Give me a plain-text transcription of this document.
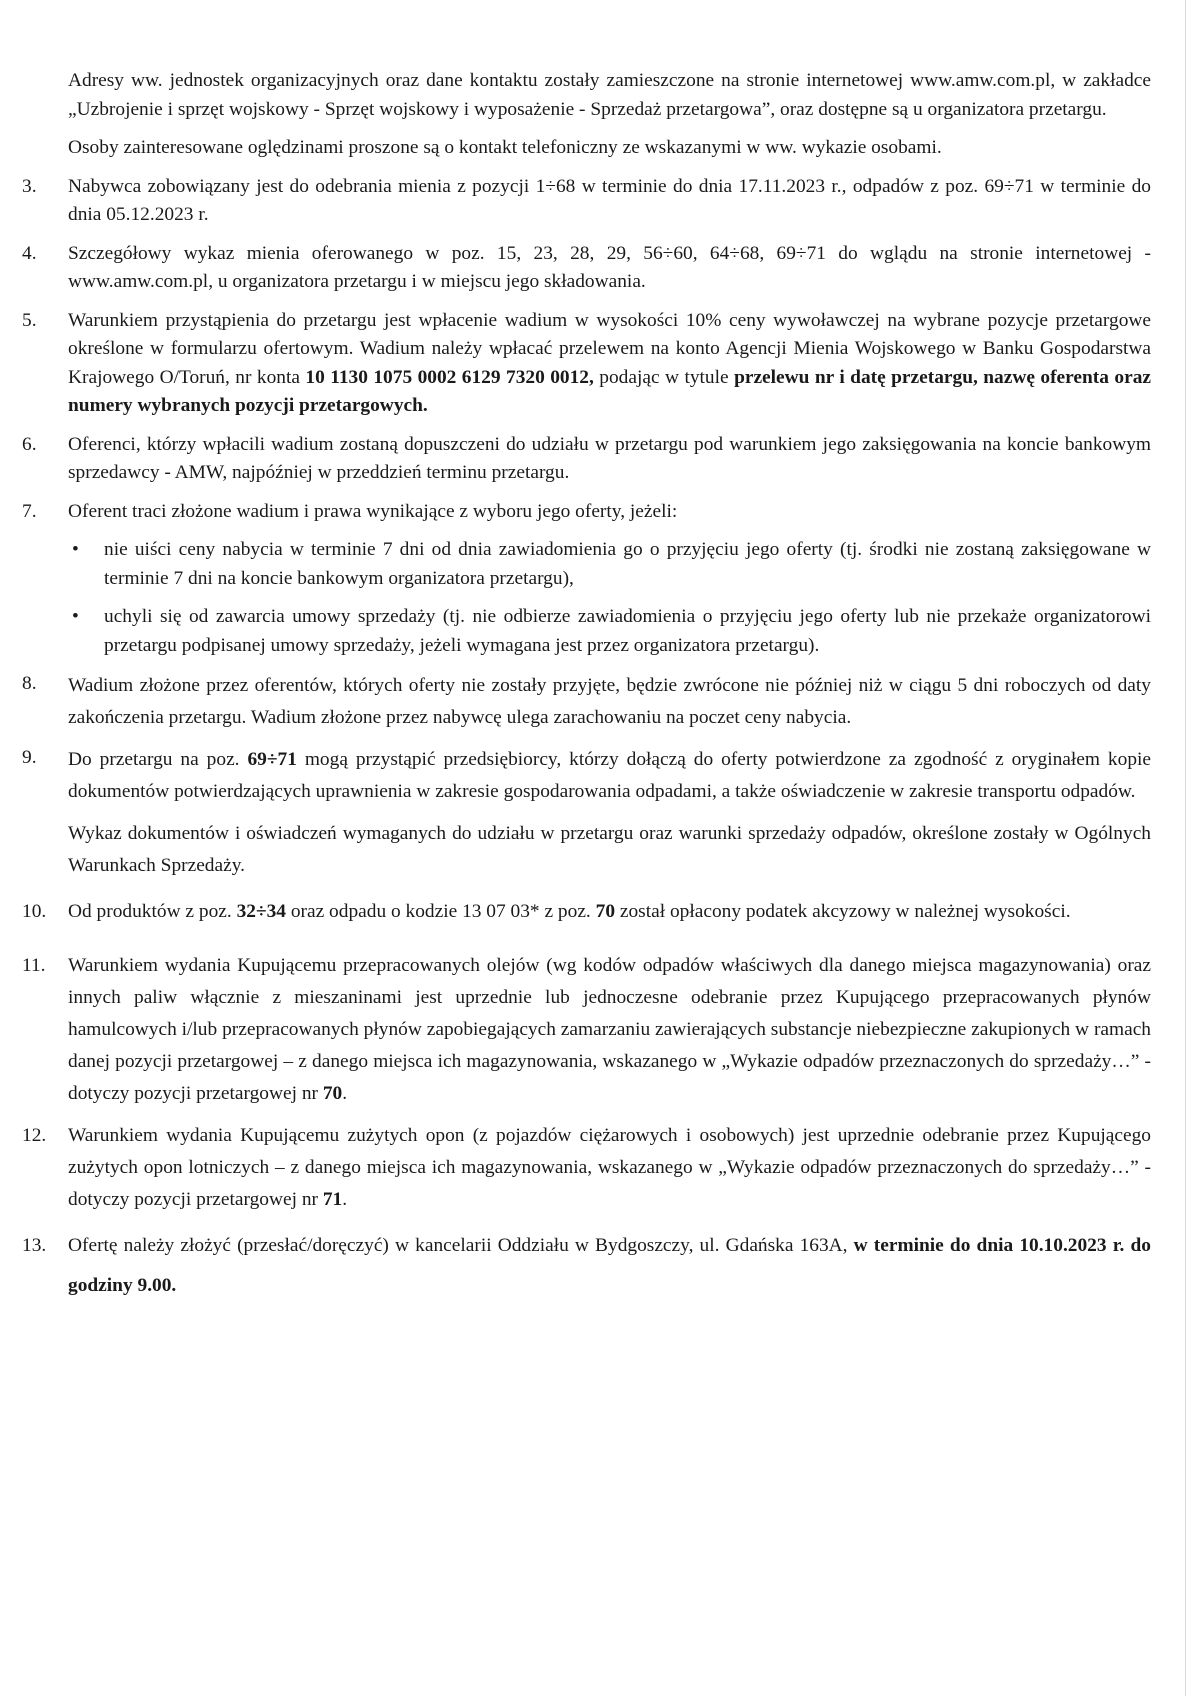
Adresy ww. jednostek organizacyjnych oraz dane kontaktu zostały zamieszczone na stronie internetowej www.amw.com.pl, w zakładce „Uzbrojenie i sprzęt wojskowy - Sprzęt wojskowy i wyposażenie - Sprzedaż przetargowa”, oraz dostępne są u organizatora przetargu.

Osoby zainteresowane oględzinami proszone są o kontakt telefoniczny ze wskazanymi w ww. wykazie osobami.

3.	Nabywca zobowiązany jest do odebrania mienia z pozycji 1÷68 w terminie do dnia 17.11.2023 r., odpadów z poz. 69÷71 w terminie do dnia 05.12.2023 r.

4.	Szczegółowy wykaz mienia oferowanego w poz. 15, 23, 28, 29, 56÷60, 64÷68, 69÷71 do wglądu na stronie internetowej - www.amw.com.pl, u organizatora przetargu i w miejscu jego składowania.

5.	Warunkiem przystąpienia do przetargu jest wpłacenie wadium w wysokości 10% ceny wywoławczej na wybrane pozycje przetargowe określone w formularzu ofertowym. Wadium należy wpłacać przelewem na konto Agencji Mienia Wojskowego w Banku Gospodarstwa Krajowego O/Toruń, nr konta 10 1130 1075 0002 6129 7320 0012, podając w tytule przelewu nr i datę przetargu, nazwę oferenta oraz numery wybranych pozycji przetargowych.

6.	Oferenci, którzy wpłacili wadium zostaną dopuszczeni do udziału w przetargu pod warunkiem jego zaksięgowania na koncie bankowym sprzedawcy - AMW, najpóźniej w przeddzień terminu przetargu.

7.	Oferent traci złożone wadium i prawa wynikające z wyboru jego oferty, jeżeli:

• nie uiści ceny nabycia w terminie 7 dni od dnia zawiadomienia go o przyjęciu jego oferty (tj. środki nie zostaną zaksięgowane w terminie 7 dni na koncie bankowym organizatora przetargu),
• uchyli się od zawarcia umowy sprzedaży (tj. nie odbierze zawiadomienia o przyjęciu jego oferty lub nie przekaże organizatorowi przetargu podpisanej umowy sprzedaży, jeżeli wymagana jest przez organizatora przetargu).
8.	Wadium złożone przez oferentów, których oferty nie zostały przyjęte, będzie zwrócone nie później niż w ciągu 5 dni roboczych od daty zakończenia przetargu. Wadium złożone przez nabywcę ulega zarachowaniu na poczet ceny nabycia.

9.	Do przetargu na poz. 69÷71 mogą przystąpić przedsiębiorcy, którzy dołączą do oferty potwierdzone za zgodność z oryginałem kopie dokumentów potwierdzających uprawnienia w zakresie gospodarowania odpadami, a także oświadczenie w zakresie transportu odpadów.

Wykaz dokumentów i oświadczeń wymaganych do udziału w przetargu oraz warunki sprzedaży odpadów, określone zostały w Ogólnych Warunkach Sprzedaży.

10.	Od produktów z poz. 32÷34 oraz odpadu o kodzie 13 07 03* z poz. 70 został opłacony podatek akcyzowy w należnej wysokości.

11.	Warunkiem wydania Kupującemu przepracowanych olejów (wg kodów odpadów właściwych dla danego miejsca magazynowania) oraz innych paliw włącznie z mieszaninami jest uprzednie lub jednoczesne odebranie przez Kupującego przepracowanych płynów hamulcowych i/lub przepracowanych płynów zapobiegających zamarzaniu zawierających substancje niebezpieczne zakupionych w ramach danej pozycji przetargowej – z danego miejsca ich magazynowania, wskazanego w „Wykazie odpadów przeznaczonych do sprzedaży…” - dotyczy pozycji przetargowej nr 70.

12.	Warunkiem wydania Kupującemu zużytych opon (z pojazdów ciężarowych i osobowych) jest uprzednie odebranie przez Kupującego zużytych opon lotniczych – z danego miejsca ich magazynowania, wskazanego w „Wykazie odpadów przeznaczonych do sprzedaży…” - dotyczy pozycji przetargowej nr 71.

13.	Ofertę należy złożyć (przesłać/doręczyć) w kancelarii Oddziału w Bydgoszczy, ul. Gdańska 163A, w terminie do dnia 10.10.2023 r. do godziny 9.00.
